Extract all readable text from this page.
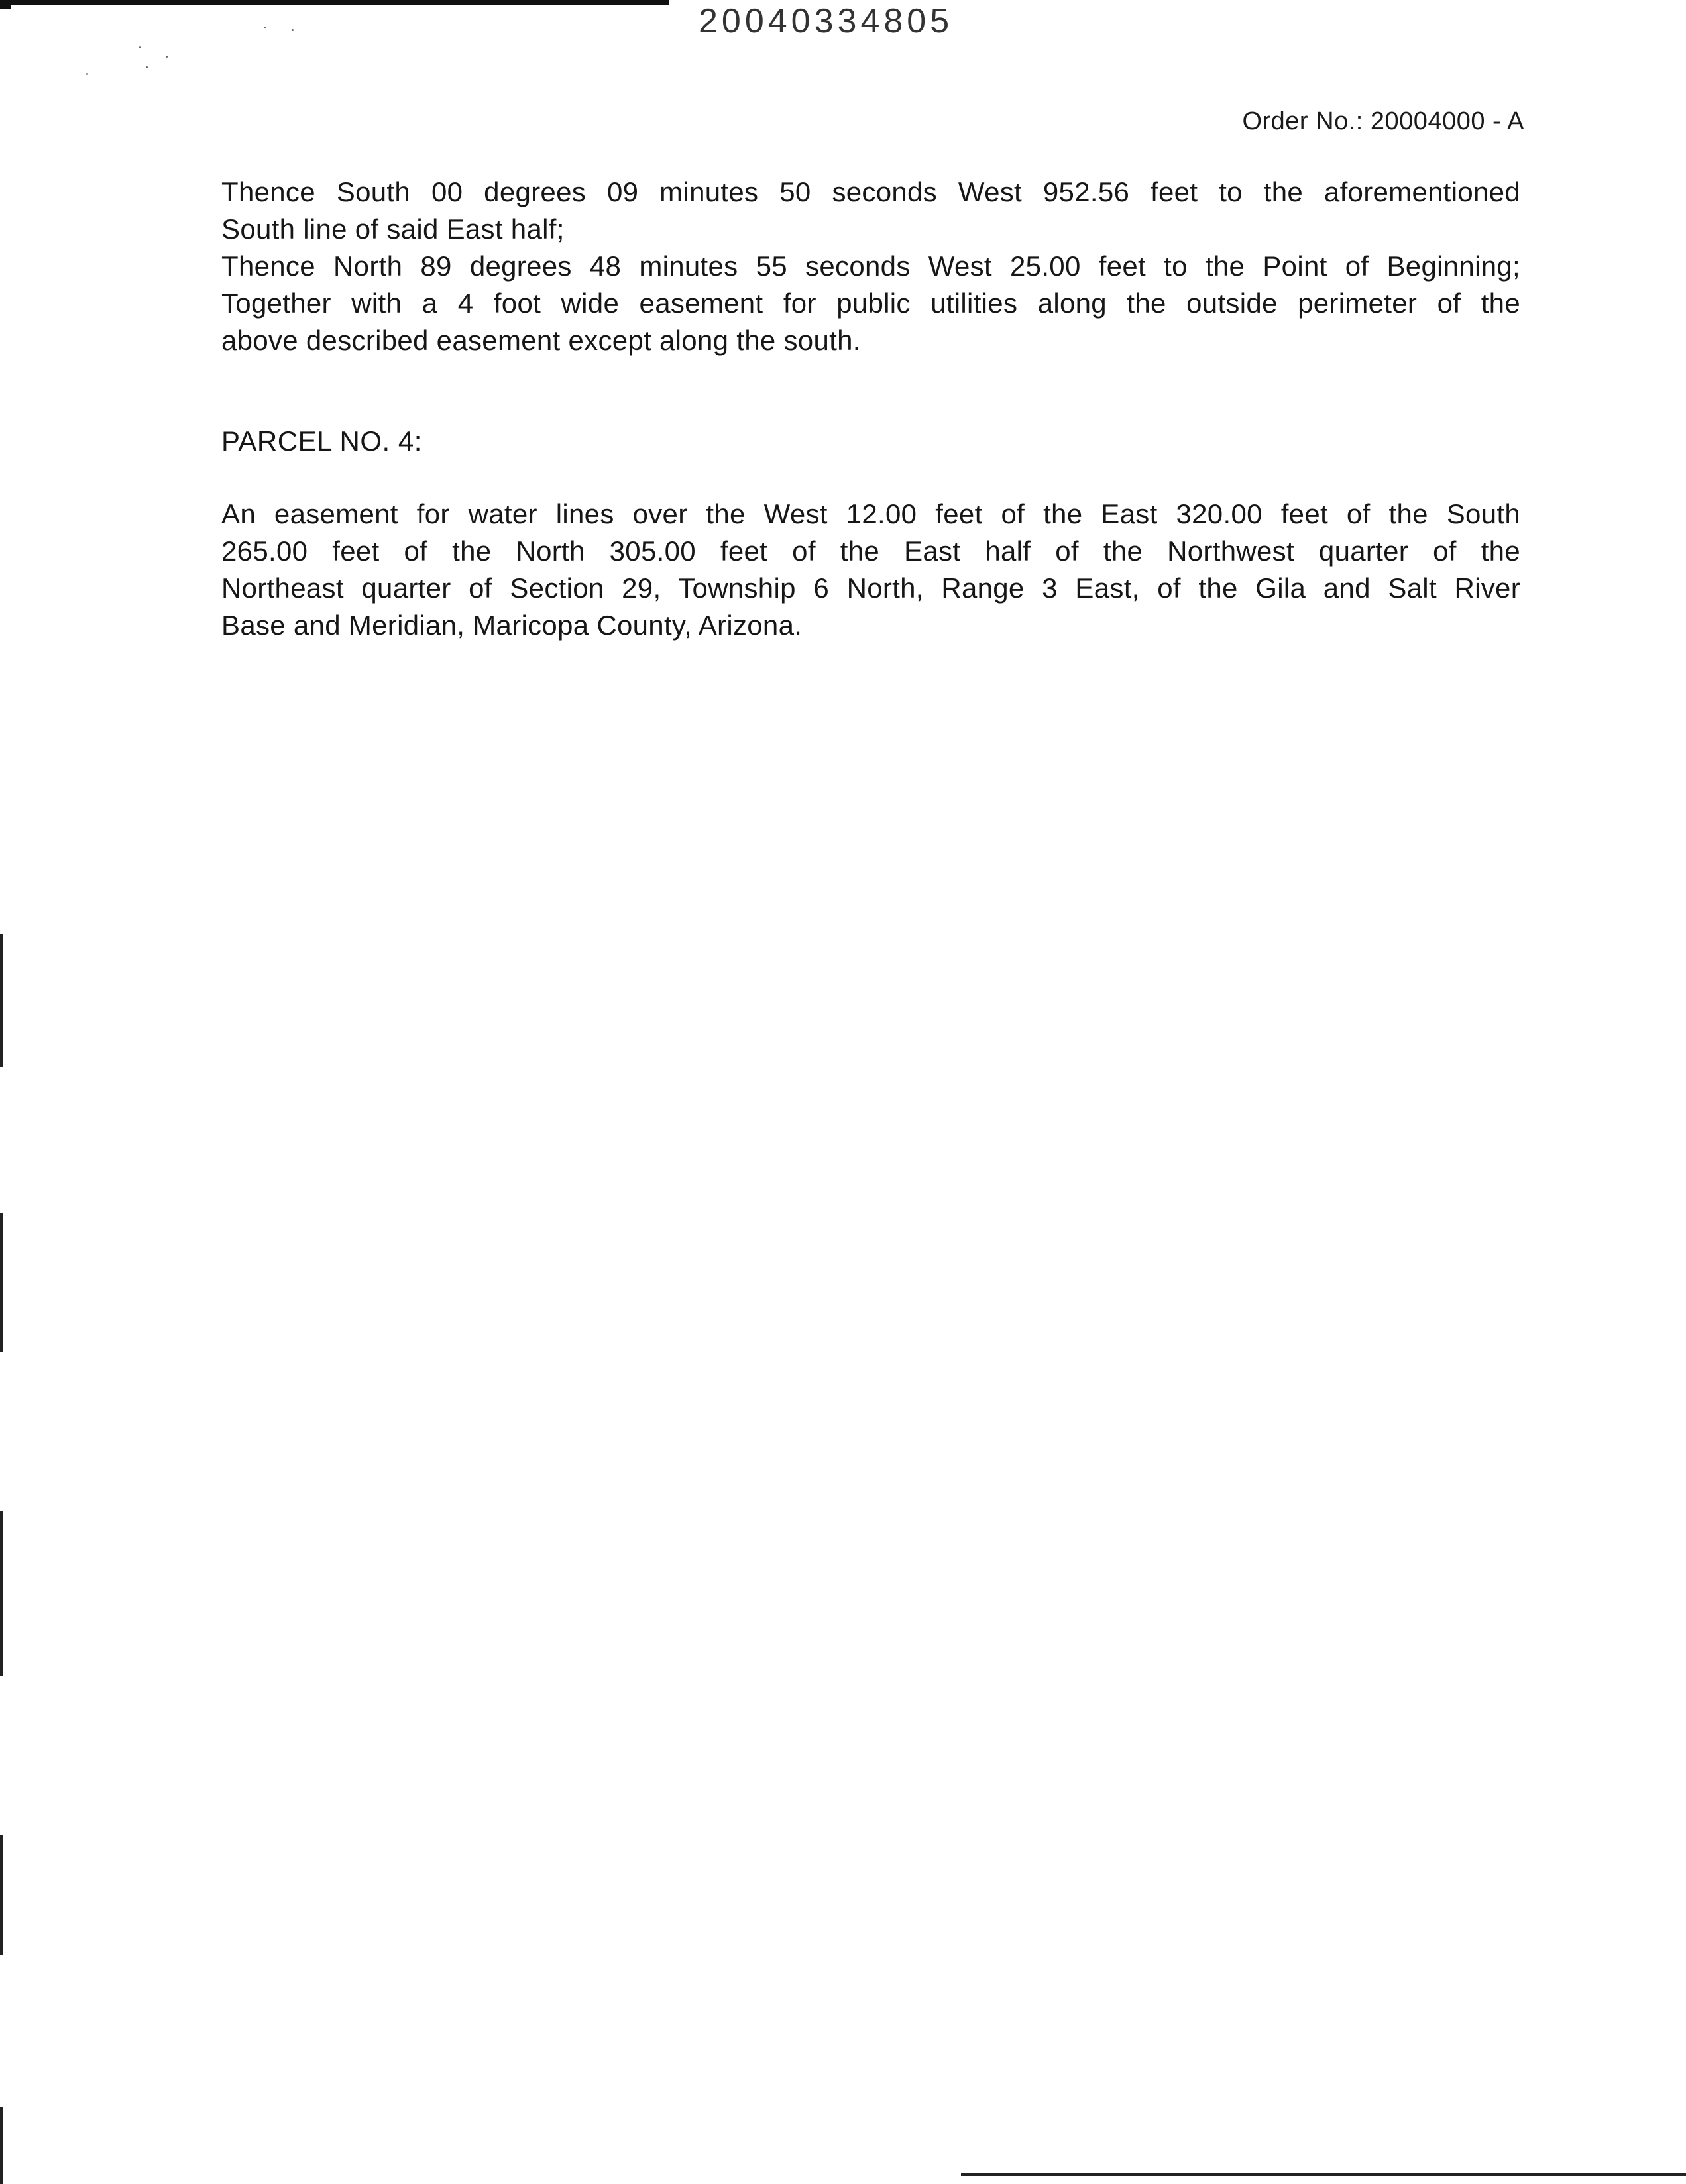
20040334805
Order No.: 20004000 - A
Thence South 00 degrees 09 minutes 50 seconds West 952.56 feet to the aforementioned
South line of said East half;
Thence North 89 degrees 48 minutes 55 seconds West 25.00 feet to the Point of Beginning;
Together with a 4 foot wide easement for public utilities along the outside perimeter of the
above described easement except along the south.
PARCEL NO. 4:
An easement for water lines over the West 12.00 feet of the East 320.00 feet of the South
265.00 feet of the North 305.00 feet of the East half of the Northwest quarter of the
Northeast quarter of Section 29, Township 6 North, Range 3 East, of the Gila and Salt River
Base and Meridian, Maricopa County, Arizona.
